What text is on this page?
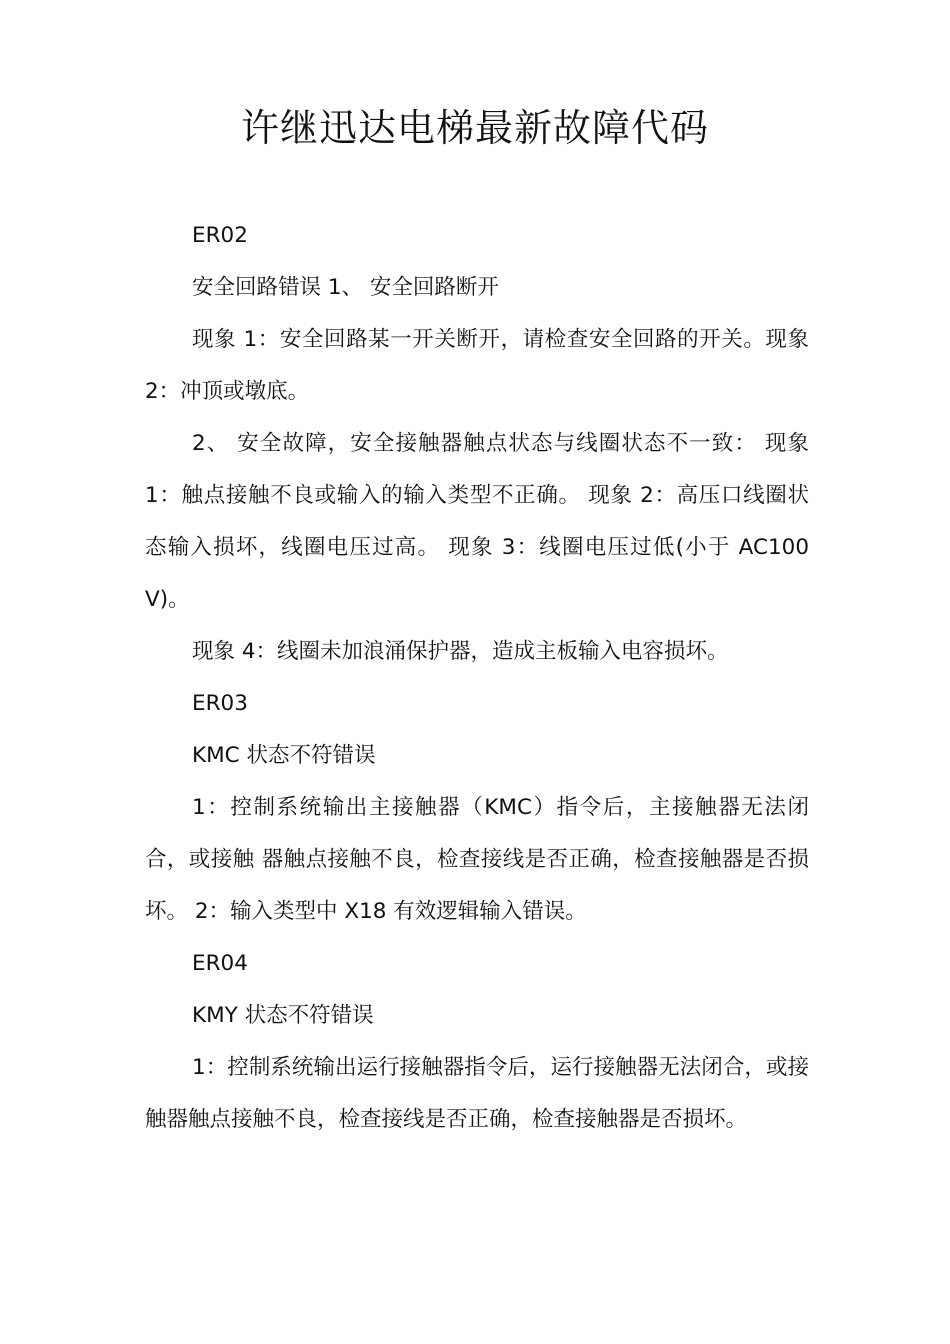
许继迅达电梯最新故障代码

ER02

安全回路错误 1、 安全回路断开

现象 1：安全回路某一开关断开，请检查安全回路的开关。现象 2：冲顶或墩底。

2、 安全故障，安全接触器触点状态与线圈状态不一致： 现象 1：触点接触不良或输入的输入类型不正确。 现象 2：高压口线圈状态输入损坏，线圈电压过高。 现象 3：线圈电压过低(小于 AC100V)。

现象 4：线圈未加浪涌保护器，造成主板输入电容损坏。

ER03

KMC 状态不符错误

1：控制系统输出主接触器（KMC）指令后，主接触器无法闭合，或接触 器触点接触不良，检查接线是否正确，检查接触器是否损坏。 2：输入类型中 X18 有效逻辑输入错误。

ER04

KMY 状态不符错误

1：控制系统输出运行接触器指令后，运行接触器无法闭合，或接触器触点接触不良，检查接线是否正确，检查接触器是否损坏。
